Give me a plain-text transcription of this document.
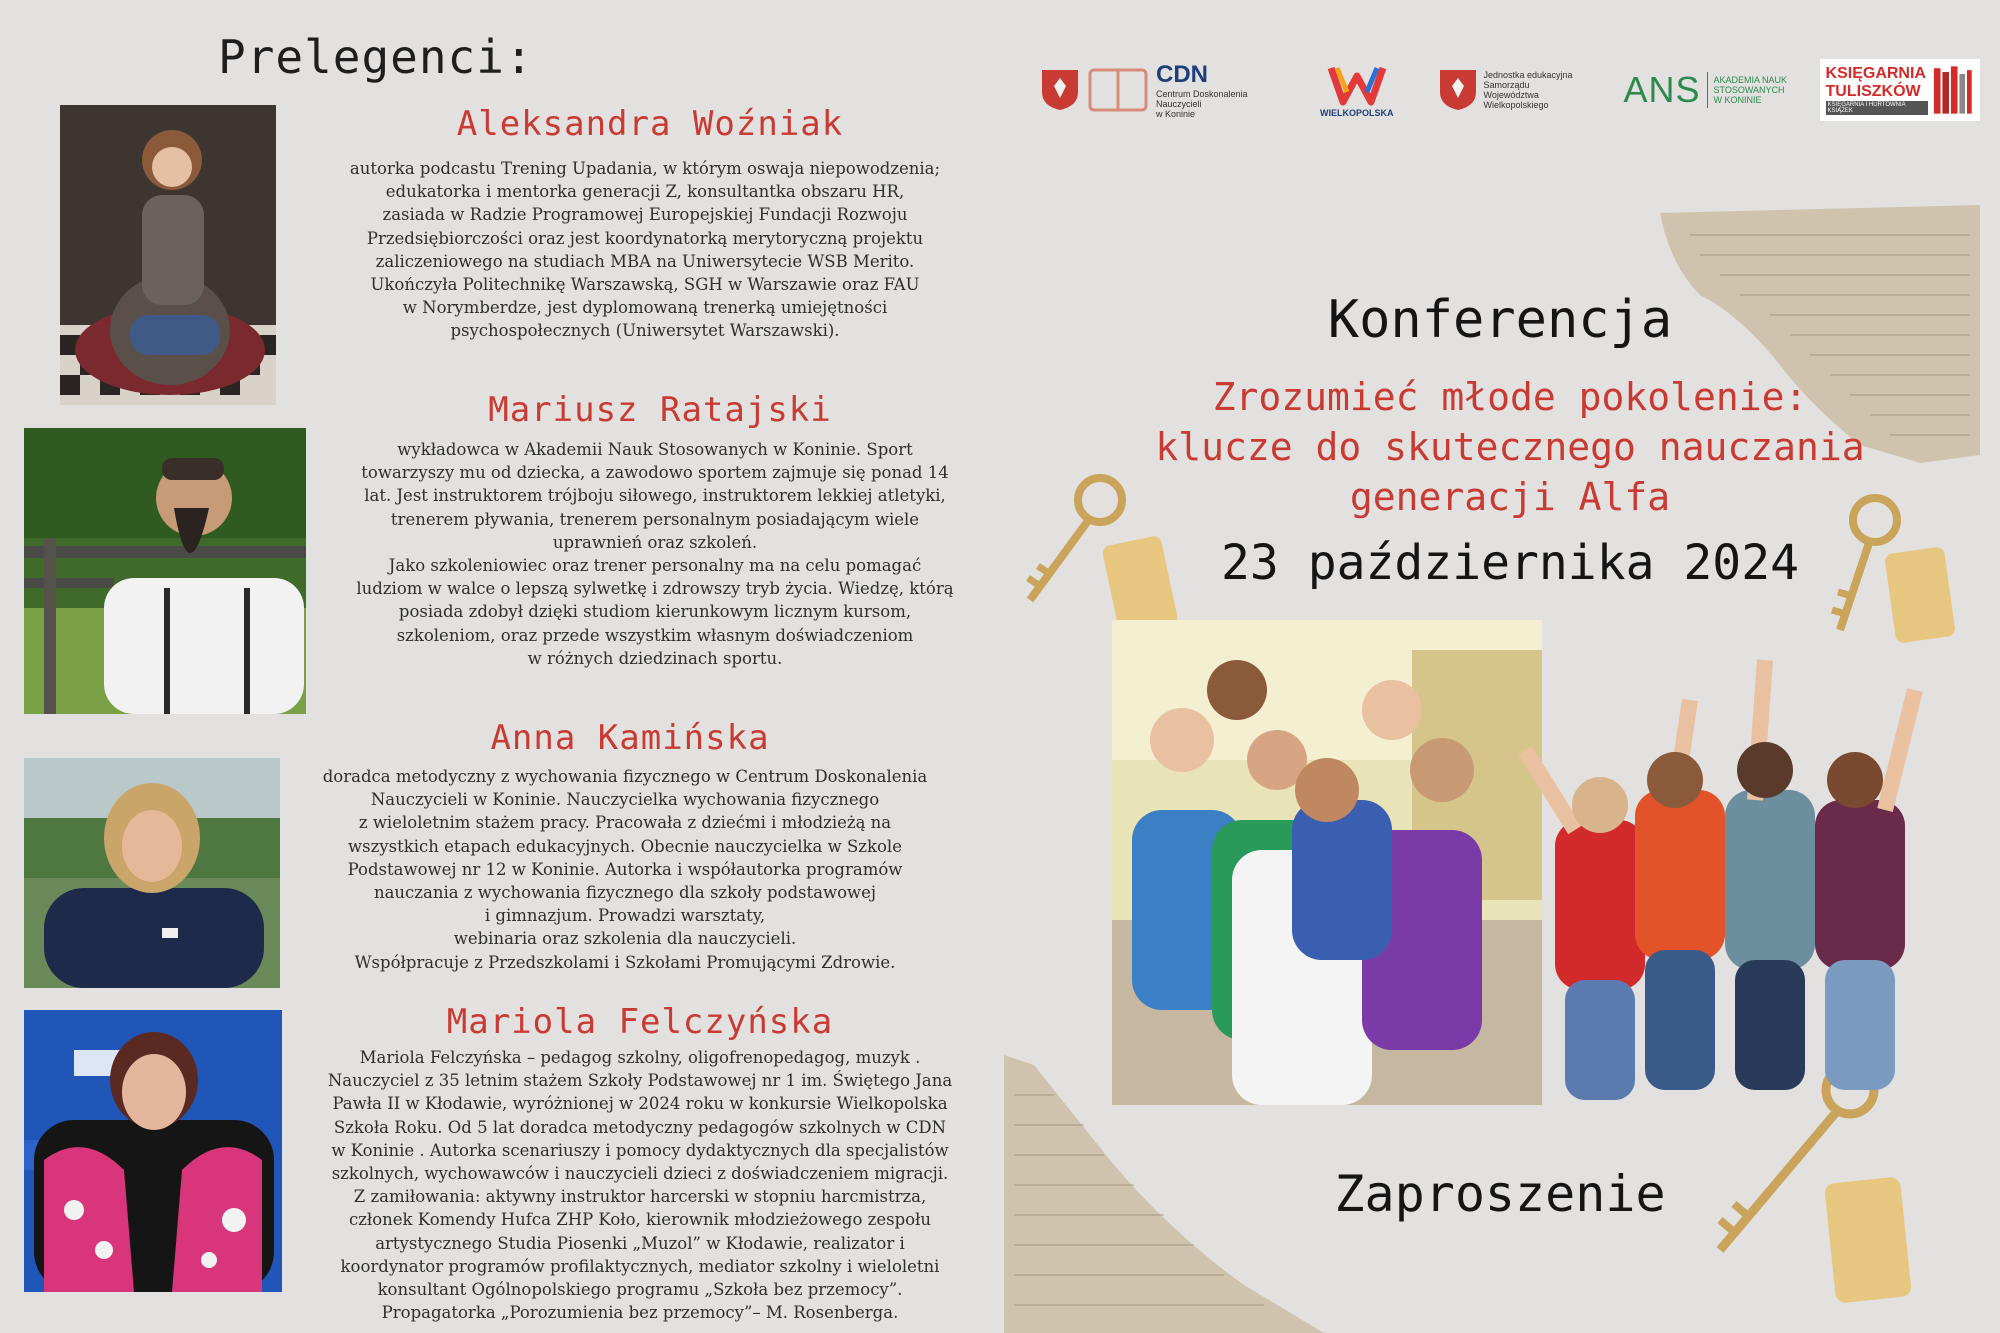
Prelegenci:
Aleksandra Woźniak
autorka podcastu Trening Upadania, w którym oswaja niepowodzenia;
edukatorka i mentorka generacji Z, konsultantka obszaru HR,
zasiada w Radzie Programowej Europejskiej Fundacji Rozwoju
Przedsiębiorczości oraz jest koordynatorką merytoryczną projektu
zaliczeniowego na studiach MBA na Uniwersytecie WSB Merito.
Ukończyła Politechnikę Warszawską, SGH w Warszawie oraz FAU
w Norymberdze, jest dyplomowaną trenerką umiejętności
psychospołecznych (Uniwersytet Warszawski).
Mariusz Ratajski
wykładowca w Akademii Nauk Stosowanych w Koninie. Sport
towarzyszy mu od dziecka, a zawodowo sportem zajmuje się ponad 14
lat. Jest instruktorem trójboju siłowego, instruktorem lekkiej atletyki,
trenerem pływania, trenerem personalnym posiadającym wiele
uprawnień oraz szkoleń.
Jako szkoleniowiec oraz trener personalny ma na celu pomagać
ludziom w walce o lepszą sylwetkę i zdrowszy tryb życia. Wiedzę, którą
posiada zdobył dzięki studiom kierunkowym licznym kursom,
szkoleniom, oraz przede wszystkim własnym doświadczeniom
w różnych dziedzinach sportu.
Anna Kamińska
doradca metodyczny z wychowania fizycznego w Centrum Doskonalenia
Nauczycieli w Koninie. Nauczycielka wychowania fizycznego
z wieloletnim stażem pracy. Pracowała z dziećmi i młodzieżą na
wszystkich etapach edukacyjnych. Obecnie nauczycielka w Szkole
Podstawowej nr 12 w Koninie. Autorka i współautorka programów
nauczania z wychowania fizycznego dla szkoły podstawowej
i gimnazjum. Prowadzi warsztaty,
webinaria oraz szkolenia dla nauczycieli.
Współpracuje z Przedszkolami i Szkołami Promującymi Zdrowie.
Mariola Felczyńska
Mariola Felczyńska – pedagog szkolny, oligofrenopedagog, muzyk .
Nauczyciel z 35 letnim stażem Szkoły Podstawowej nr 1 im. Świętego Jana
Pawła II w Kłodawie, wyróżnionej w 2024 roku w konkursie Wielkopolska
Szkoła Roku. Od 5 lat doradca metodyczny pedagogów szkolnych w CDN
w Koninie . Autorka scenariuszy i pomocy dydaktycznych dla specjalistów
szkolnych, wychowawców i nauczycieli dzieci z doświadczeniem migracji.
Z zamiłowania: aktywny instruktor harcerski w stopniu harcmistrza,
członek Komendy Hufca ZHP Koło, kierownik młodzieżowego zespołu
artystycznego Studia Piosenki „Muzol” w Kłodawie, realizator i
koordynator programów profilaktycznych, mediator szkolny i wieloletni
konsultant Ogólnopolskiego programu „Szkoła bez przemocy”.
Propagatorka „Porozumienia bez przemocy”– M. Rosenberga.
CDN
Centrum Doskonalenia Nauczycieli
w Koninie	WIELKOPOLSKA
Jednostka edukacyjna
Samorządu
Województwa
Wielkopolskiego	ANS AKADEMIA NAUK
STOSOWANYCH
W KONINIE
KSIĘGARNIA
TULISZKÓW
KSIĘGARNIA I HURTOWNIA KSIĄŻEK
Konferencja
Zrozumieć młode pokolenie:
klucze do skutecznego nauczania
generacji Alfa
23 października 2024
Zaproszenie
